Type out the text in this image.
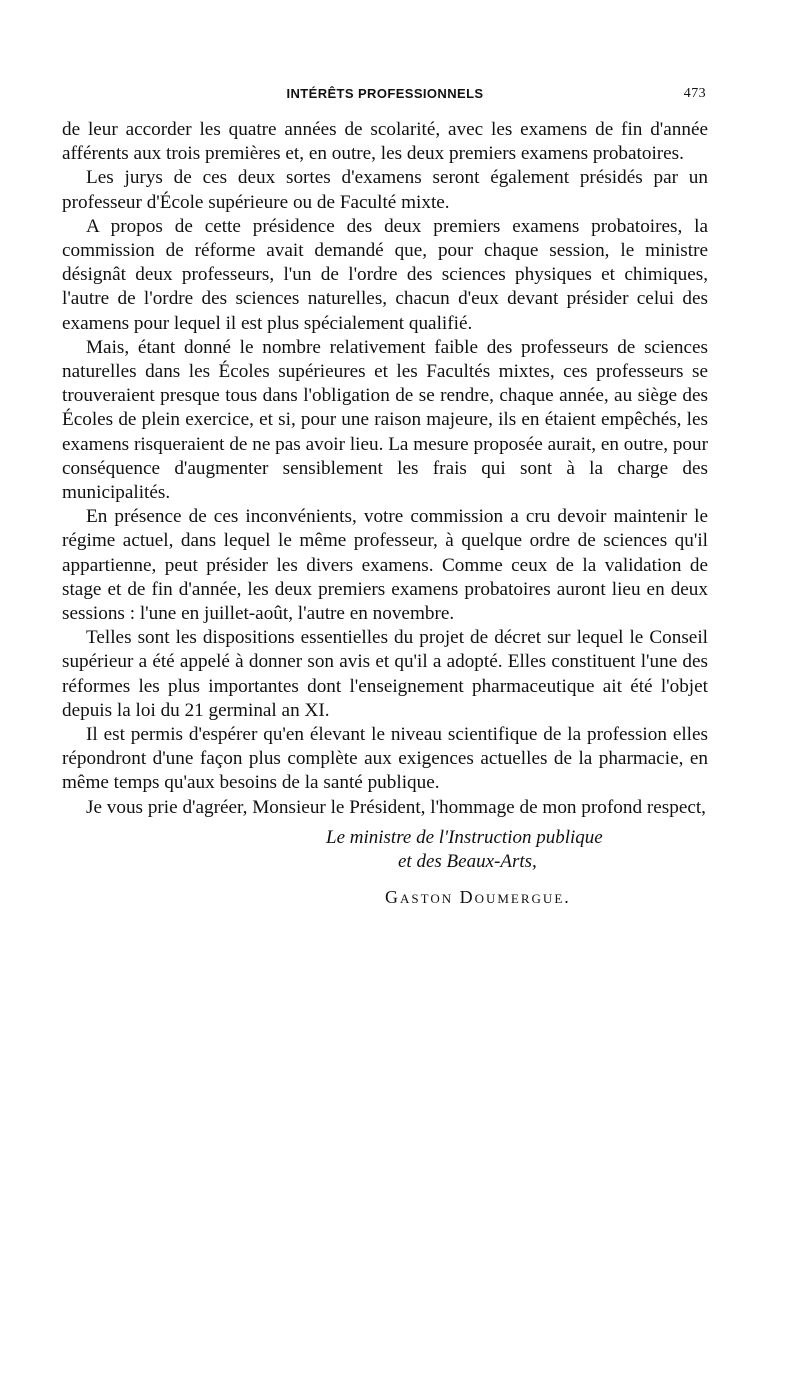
INTÉRÊTS PROFESSIONNELS	473

de leur accorder les quatre années de scolarité, avec les examens de fin d'année afférents aux trois premières et, en outre, les deux premiers examens probatoires.

Les jurys de ces deux sortes d'examens seront également présidés par un professeur d'École supérieure ou de Faculté mixte.

A propos de cette présidence des deux premiers examens probatoires, la commission de réforme avait demandé que, pour chaque session, le ministre désignât deux professeurs, l'un de l'ordre des sciences physiques et chimiques, l'autre de l'ordre des sciences naturelles, chacun d'eux devant présider celui des examens pour lequel il est plus spécialement qualifié.

Mais, étant donné le nombre relativement faible des professeurs de sciences naturelles dans les Écoles supérieures et les Facultés mixtes, ces professeurs se trouveraient presque tous dans l'obligation de se rendre, chaque année, au siège des Écoles de plein exercice, et si, pour une raison majeure, ils en étaient empêchés, les examens risqueraient de ne pas avoir lieu. La mesure proposée aurait, en outre, pour conséquence d'augmenter sensiblement les frais qui sont à la charge des municipalités.

En présence de ces inconvénients, votre commission a cru devoir maintenir le régime actuel, dans lequel le même professeur, à quelque ordre de sciences qu'il appartienne, peut présider les divers examens. Comme ceux de la validation de stage et de fin d'année, les deux premiers examens probatoires auront lieu en deux sessions : l'une en juillet-août, l'autre en novembre.

Telles sont les dispositions essentielles du projet de décret sur lequel le Conseil supérieur a été appelé à donner son avis et qu'il a adopté. Elles constituent l'une des réformes les plus importantes dont l'enseignement pharmaceutique ait été l'objet depuis la loi du 21 germinal an XI.

Il est permis d'espérer qu'en élevant le niveau scientifique de la profession elles répondront d'une façon plus complète aux exigences actuelles de la pharmacie, en même temps qu'aux besoins de la santé publique.

Je vous prie d'agréer, Monsieur le Président, l'hommage de mon profond respect,

Le ministre de l'Instruction publique
et des Beaux-Arts,
Gaston Doumergue.
